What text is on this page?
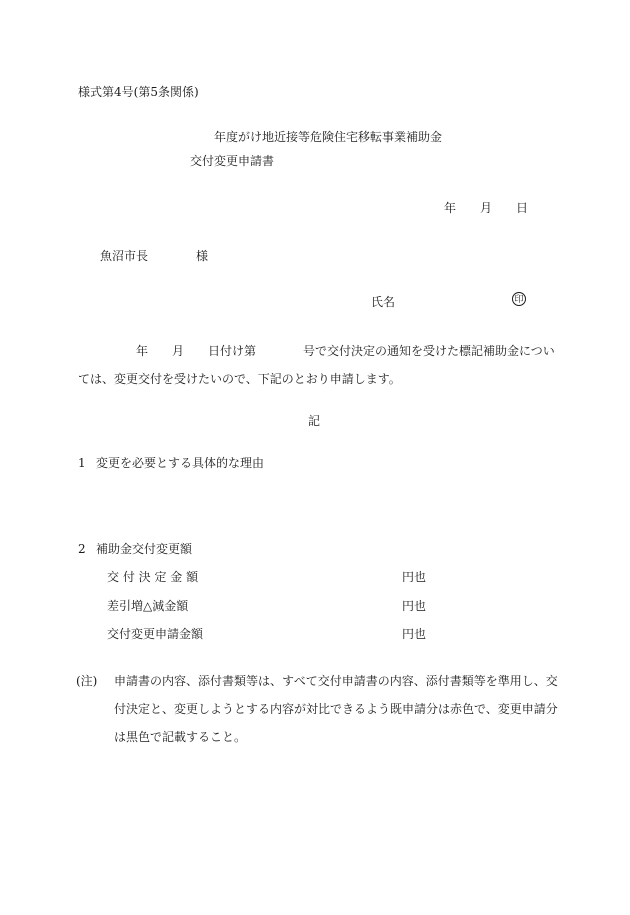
様式第4号(第5条関係)
年度がけ地近接等危険住宅移転事業補助金
交付変更申請書
年 月 日
魚沼市長	様
氏名	印
年 月 日付け第	号で交付決定の通知を受けた標記補助金につい
ては、変更交付を受けたいので、下記のとおり申請します。
記
1 変更を必要とする具体的な理由
2 補助金交付変更額
交 付 決 定 金 額	円也
差引増△減金額	円也
交付変更申請金額	円也
(注) 申請書の内容、添付書類等は、すべて交付申請書の内容、添付書類等を準用し、交
付決定と、変更しようとする内容が対比できるよう既申請分は赤色で、変更申請分
は黒色で記載すること。
